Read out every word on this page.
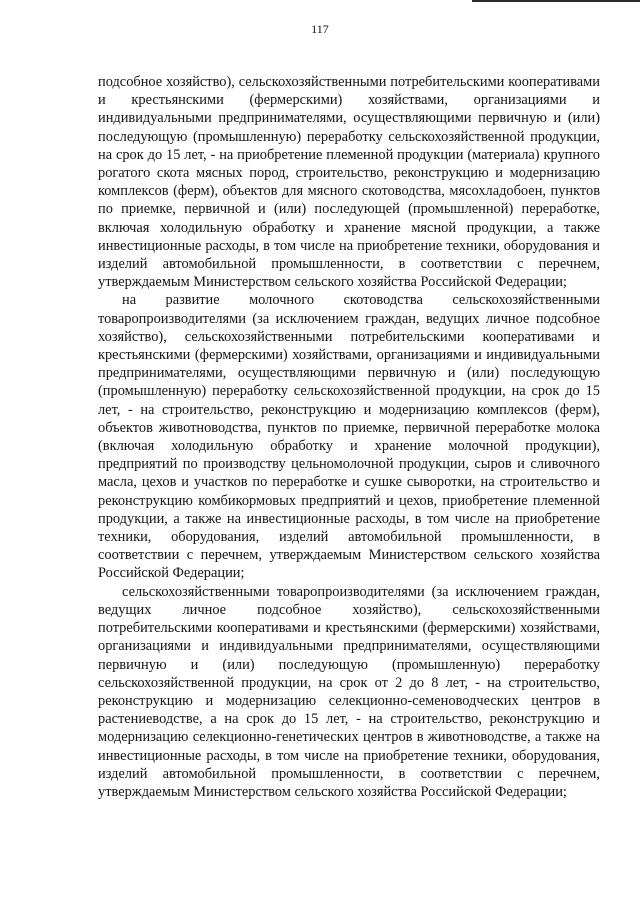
117

подсобное хозяйство), сельскохозяйственными потребительскими кооперативами и крестьянскими (фермерскими) хозяйствами, организациями и индивидуальными предпринимателями, осуществляющими первичную и (или) последующую (промышленную) переработку сельскохозяйственной продукции, на срок до 15 лет, - на приобретение племенной продукции (материала) крупного рогатого скота мясных пород, строительство, реконструкцию и модернизацию комплексов (ферм), объектов для мясного скотоводства, мясохладобоен, пунктов по приемке, первичной и (или) последующей (промышленной) переработке, включая холодильную обработку и хранение мясной продукции, а также инвестиционные расходы, в том числе на приобретение техники, оборудования и изделий автомобильной промышленности, в соответствии с перечнем, утверждаемым Министерством сельского хозяйства Российской Федерации;

на развитие молочного скотоводства сельскохозяйственными товаропроизводителями (за исключением граждан, ведущих личное подсобное хозяйство), сельскохозяйственными потребительскими кооперативами и крестьянскими (фермерскими) хозяйствами, организациями и индивидуальными предпринимателями, осуществляющими первичную и (или) последующую (промышленную) переработку сельскохозяйственной продукции, на срок до 15 лет, - на строительство, реконструкцию и модернизацию комплексов (ферм), объектов животноводства, пунктов по приемке, первичной переработке молока (включая холодильную обработку и хранение молочной продукции), предприятий по производству цельномолочной продукции, сыров и сливочного масла, цехов и участков по переработке и сушке сыворотки, на строительство и реконструкцию комбикормовых предприятий и цехов, приобретение племенной продукции, а также на инвестиционные расходы, в том числе на приобретение техники, оборудования, изделий автомобильной промышленности, в соответствии с перечнем, утверждаемым Министерством сельского хозяйства Российской Федерации;

сельскохозяйственными товаропроизводителями (за исключением граждан, ведущих личное подсобное хозяйство), сельскохозяйственными потребительскими кооперативами и крестьянскими (фермерскими) хозяйствами, организациями и индивидуальными предпринимателями, осуществляющими первичную и (или) последующую (промышленную) переработку сельскохозяйственной продукции, на срок от 2 до 8 лет, - на строительство, реконструкцию и модернизацию селекционно-семеноводческих центров в растениеводстве, а на срок до 15 лет, - на строительство, реконструкцию и модернизацию селекционно-генетических центров в животноводстве, а также на инвестиционные расходы, в том числе на приобретение техники, оборудования, изделий автомобильной промышленности, в соответствии с перечнем, утверждаемым Министерством сельского хозяйства Российской Федерации;
